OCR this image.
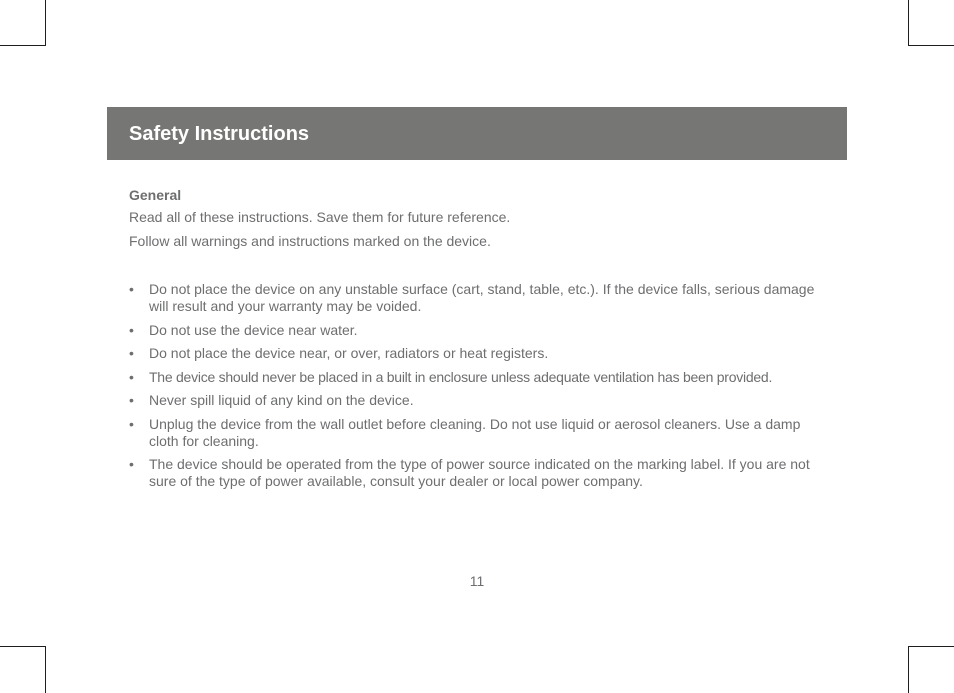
Safety Instructions

General

Read all of these instructions. Save them for future reference.

Follow all warnings and instructions marked on the device.

• Do not place the device on any unstable surface (cart, stand, table, etc.). If the device falls, serious damage will result and your warranty may be voided.
• Do not use the device near water.
• Do not place the device near, or over, radiators or heat registers.
• The device should never be placed in a built in enclosure unless adequate ventilation has been provided.
• Never spill liquid of any kind on the device.
• Unplug the device from the wall outlet before cleaning. Do not use liquid or aerosol cleaners. Use a damp cloth for cleaning.
• The device should be operated from the type of power source indicated on the marking label. If you are not sure of the type of power available, consult your dealer or local power company.
11
